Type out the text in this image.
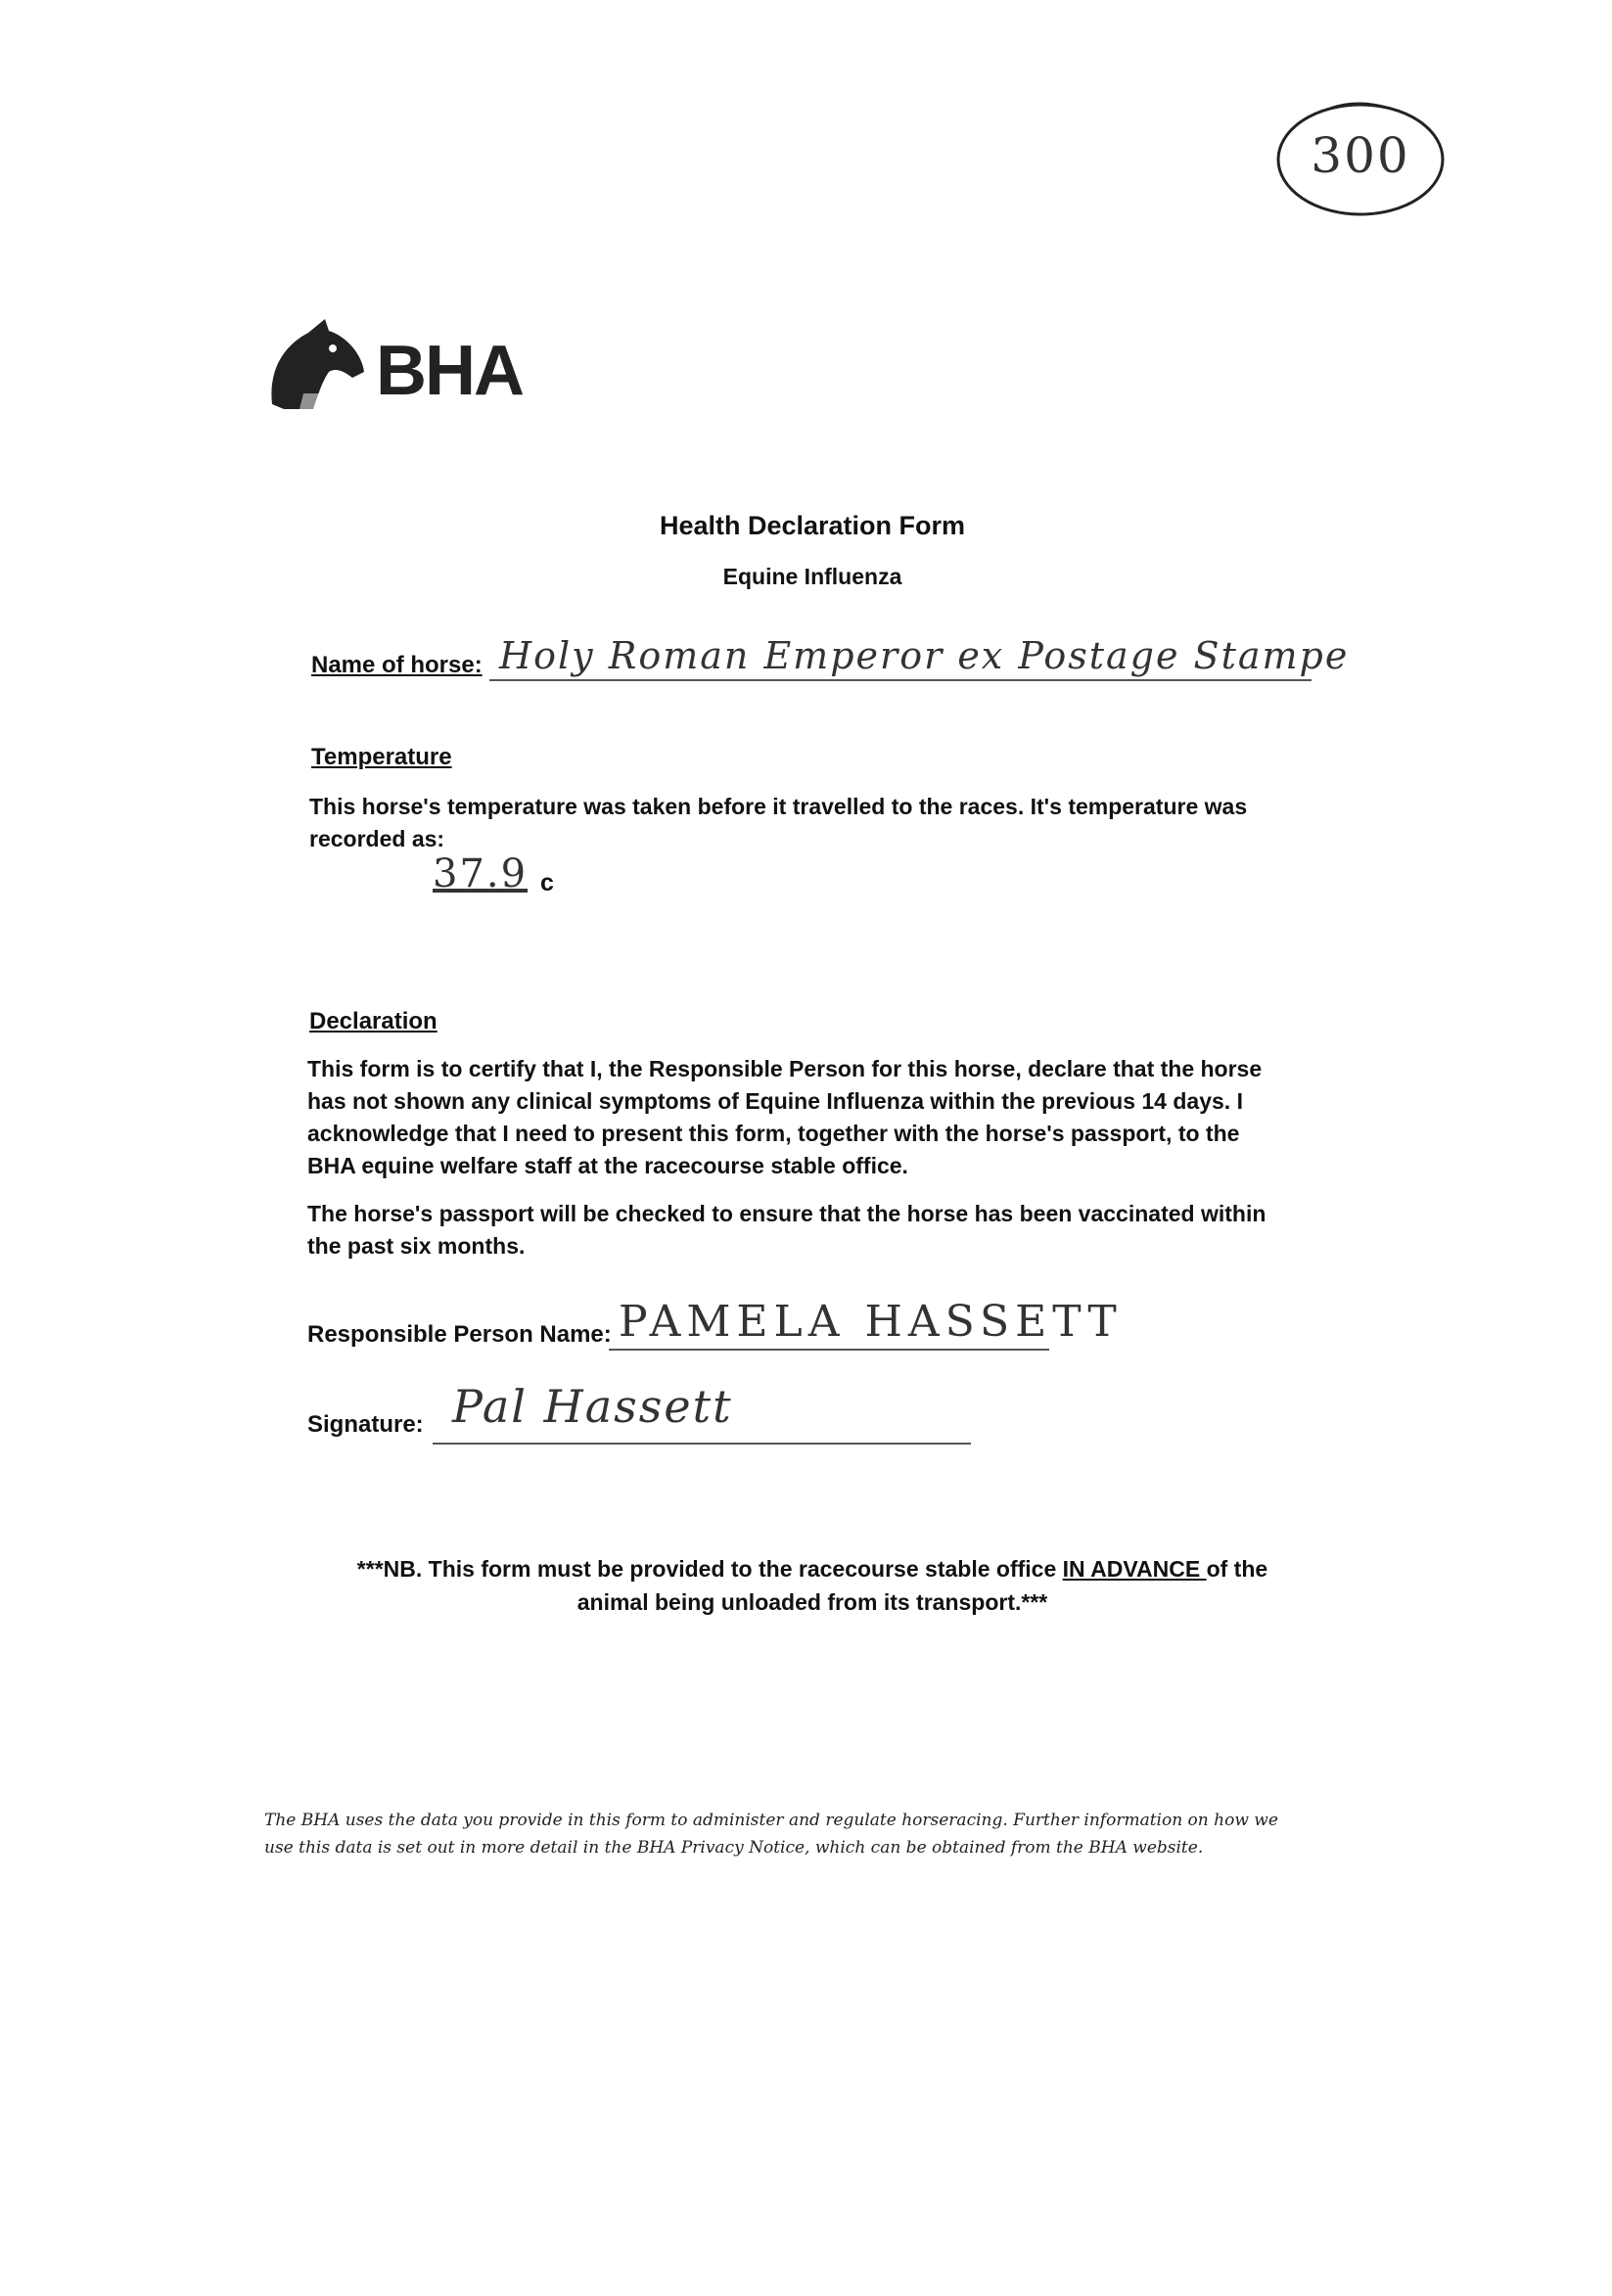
300
BHA
Health Declaration Form
Equine Influenza
Name of horse: Holy Roman Emperor ex Postage Stampe
Temperature
This horse's temperature was taken before it travelled to the races. It's temperature was recorded as:
37.9 c
Declaration
This form is to certify that I, the Responsible Person for this horse, declare that the horse has not shown any clinical symptoms of Equine Influenza within the previous 14 days. I acknowledge that I need to present this form, together with the horse's passport, to the BHA equine welfare staff at the racecourse stable office.
The horse's passport will be checked to ensure that the horse has been vaccinated within the past six months.
Responsible Person Name: PAMELA HASSETT
Signature: Pal Hassett
***NB. This form must be provided to the racecourse stable office IN ADVANCE of the animal being unloaded from its transport.***
The BHA uses the data you provide in this form to administer and regulate horseracing. Further information on how we use this data is set out in more detail in the BHA Privacy Notice, which can be obtained from the BHA website.
